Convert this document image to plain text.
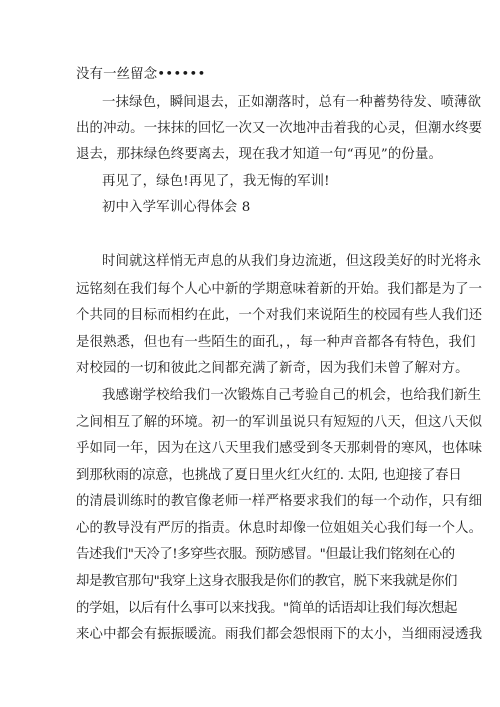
没有一丝留念••••••
一抹绿色，瞬间退去，正如潮落时，总有一种蓄势待发、喷薄欲
出的冲动。一抹抹的回忆一次又一次地冲击着我的心灵，但潮水终要
退去，那抹绿色终要离去，现在我才知道一句“再见”的份量。
再见了，绿色!再见了，我无悔的军训!
初中入学军训心得体会 8
时间就这样悄无声息的从我们身边流逝，但这段美好的时光将永
远铭刻在我们每个人心中新的学期意味着新的开始。我们都是为了一
个共同的目标而相约在此，一个对我们来说陌生的校园有些人我们还
是很熟悉，但也有一些陌生的面孔，，每一种声音都各有特色，我们
对校园的一切和彼此之间都充满了新奇，因为我们未曾了解对方。
我感谢学校给我们一次锻炼自己考验自己的机会，也给我们新生
之间相互了解的环境。初一的军训虽说只有短短的八天，但这八天似
乎如同一年，因为在这八天里我们感受到冬天那刺骨的寒风，也体味
到那秋雨的凉意，也挑战了夏日里火红火红的. 太阳, 也迎接了春日
的清晨训练时的教官像老师一样严格要求我们的每一个动作，只有细
心的教导没有严厉的指责。休息时却像一位姐姐关心我们每一个人。
告述我们"天冷了!多穿些衣服。预防感冒。"但最让我们铭刻在心的
却是教官那句"我穿上这身衣服我是你们的教官，脱下来我就是你们
的学姐，以后有什么事可以来找我。"简单的话语却让我们每次想起
来心中都会有振振暖流。雨我们都会怨恨雨下的太小，当细雨浸透我
